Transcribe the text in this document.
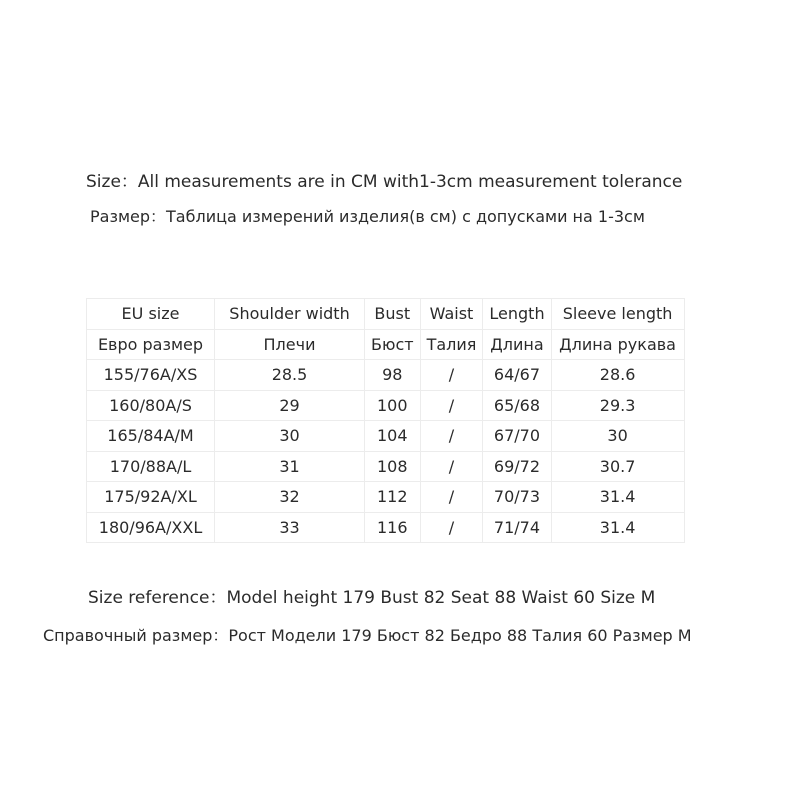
Size：All measurements are in CM with1-3cm measurement tolerance
Размер：Таблица измерений изделия(в см) с допусками на 1-3см
EU size	Shoulder width	Bust	Waist	Length	Sleeve length
Евро размер	Плечи	Бюст	Талия	Длина	Длина рукава
155/76A/XS	28.5	98	/	64/67	28.6
160/80A/S	29	100	/	65/68	29.3
165/84A/M	30	104	/	67/70	30
170/88A/L	31	108	/	69/72	30.7
175/92A/XL	32	112	/	70/73	31.4
180/96A/XXL	33	116	/	71/74	31.4
Size reference：Model height 179 Bust 82 Seat 88 Waist 60 Size M
Справочный размер：Рост Модели 179 Бюст 82 Бедро 88 Талия 60 Размер M
